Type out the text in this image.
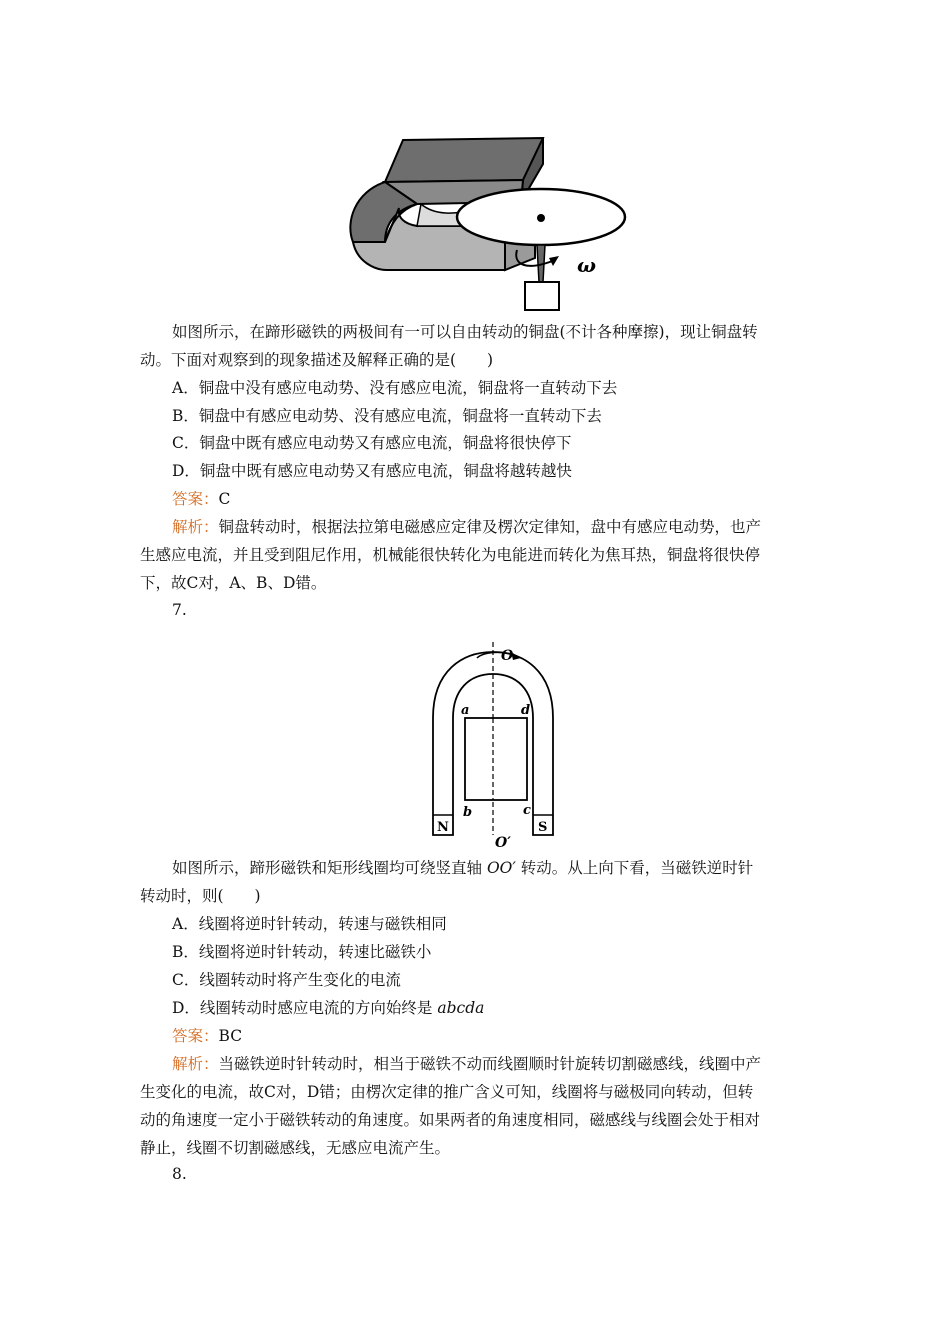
ω

如图所示，在蹄形磁铁的两极间有一可以自由转动的铜盘(不计各种摩擦)，现让铜盘转

动。下面对观察到的现象描述及解释正确的是(　　)

A．铜盘中没有感应电动势、没有感应电流，铜盘将一直转动下去
B．铜盘中有感应电动势、没有感应电流，铜盘将一直转动下去
C．铜盘中既有感应电动势又有感应电流，铜盘将很快停下
D．铜盘中既有感应电动势又有感应电流，铜盘将越转越快
答案：C

解析：铜盘转动时，根据法拉第电磁感应定律及楞次定律知，盘中有感应电动势，也产

生感应电流，并且受到阻尼作用，机械能很快转化为电能进而转化为焦耳热，铜盘将很快停

下，故C对，A、B、D错。

7.
N	S
O
O′
a	d
b	c

如图所示，蹄形磁铁和矩形线圈均可绕竖直轴 OO′ 转动。从上向下看，当磁铁逆时针

转动时，则(　　)

A．线圈将逆时针转动，转速与磁铁相同
B．线圈将逆时针转动，转速比磁铁小
C．线圈转动时将产生变化的电流
D．线圈转动时感应电流的方向始终是 abcda
答案：BC

解析：当磁铁逆时针转动时，相当于磁铁不动而线圈顺时针旋转切割磁感线，线圈中产

生变化的电流，故C对，D错；由楞次定律的推广含义可知，线圈将与磁极同向转动，但转

动的角速度一定小于磁铁转动的角速度。如果两者的角速度相同，磁感线与线圈会处于相对

静止，线圈不切割磁感线，无感应电流产生。

8.
